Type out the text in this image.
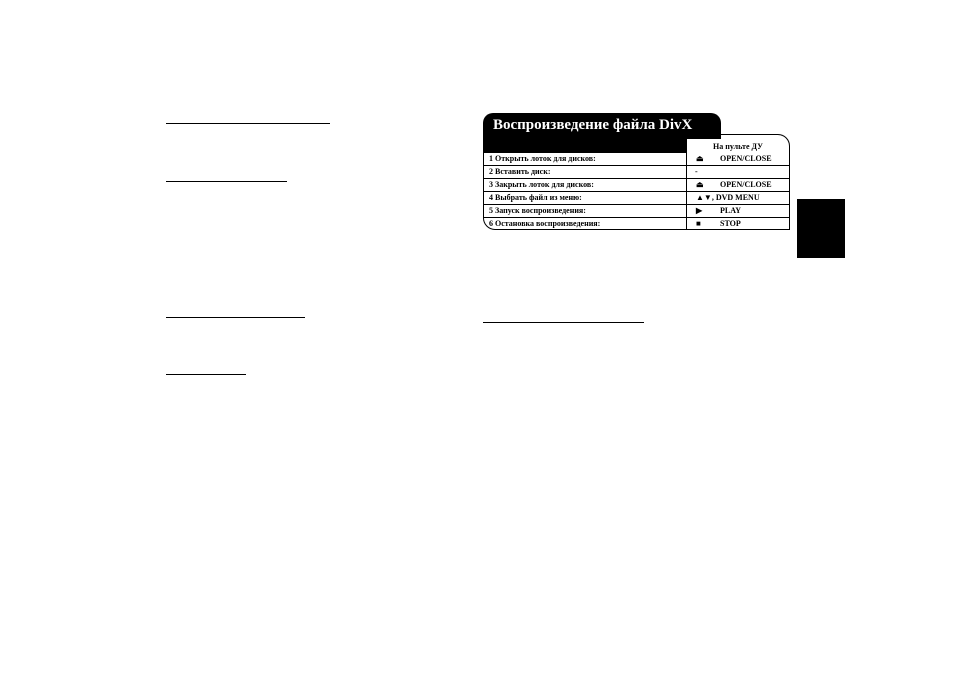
На пульте ДУ
1 Открыть лоток для дисков:	⏏ OPEN/CLOSE
2 Вставить диск:	-
3 Закрыть лоток для дисков:	⏏ OPEN/CLOSE
4 Выбрать файл из меню:	▲▼, DVD MENU
5 Запуск воспроизведения:	▶ PLAY
6 Остановка воспроизведения:	■ STOP
Воспроизведение файла DivX
